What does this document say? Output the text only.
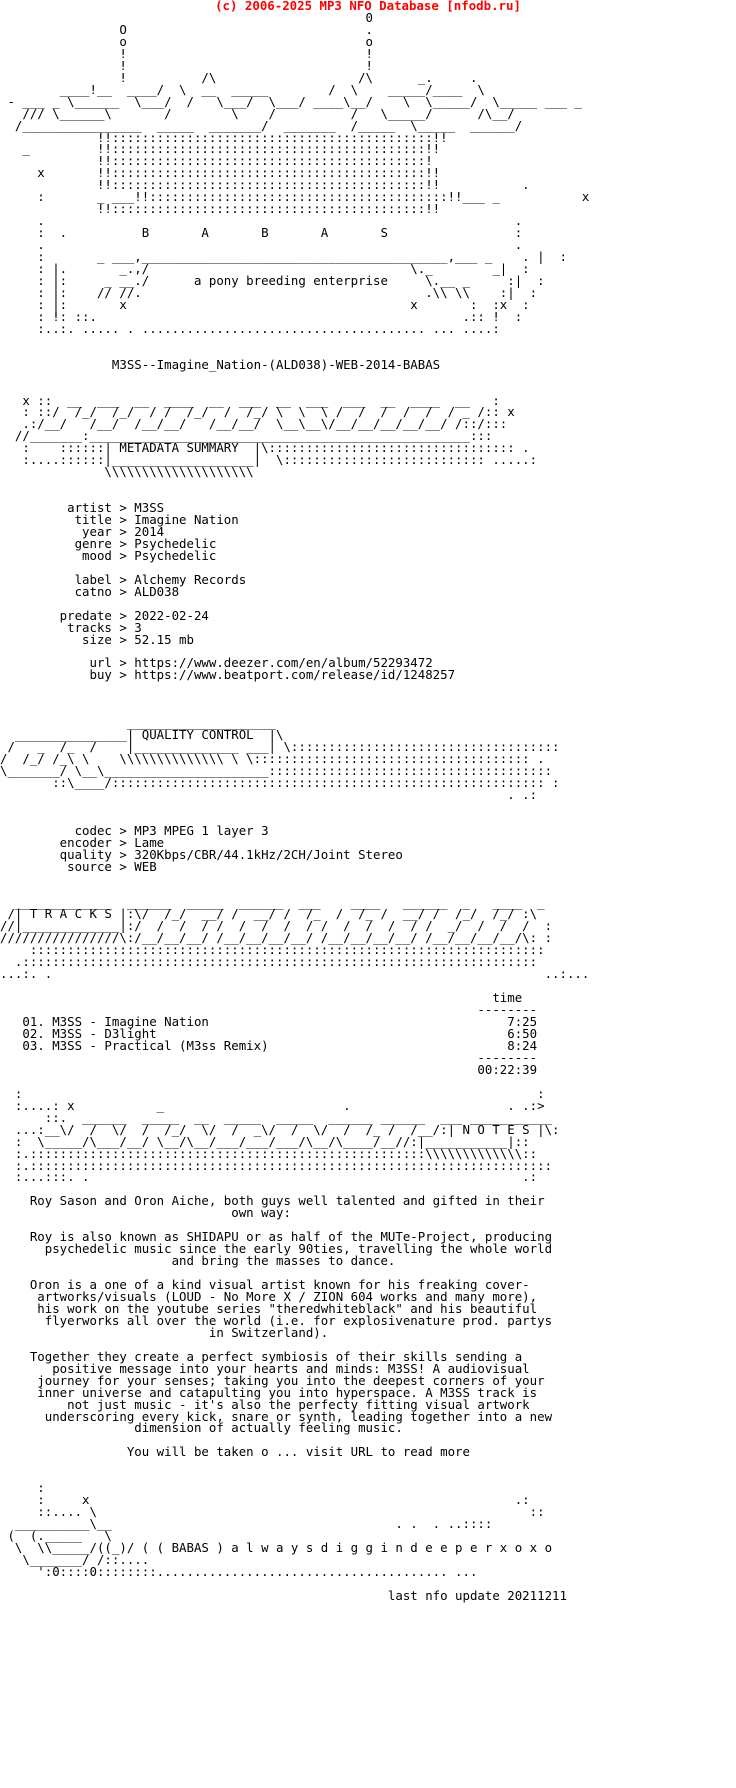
(c) 2006-2025 MP3 NFO Database [nfodb.ru]
0
O                                .
o                                o
!                                !
!                                !
!          /\                   /\      _.     .
____!__  ____/  \  __  _____        /  \    _____/____  \
- ___ _ \______  \___/  /   \___/  \___/ ____\__/    \  \_____/  \_____ ___ _
/// \______\       /        \    /          /   \_____/      /\__/
/________________  _____  _______/  _______  /_____  \_____  ______/
!!:::::::::::::::::::::::::::::::::::::::::::!!
_         !!::::::::::::::::::::::::::::::::::::::::::!!
!!::::::::::::::::::::::::::::::::::::::::::!
x       !!::::::::::::::::::::::::::::::::::::::::::!!
!!::::::::::::::::::::::::::::::::::::::::::!!           .
:       _ ___!!::::::::::::::::::::::::::::::::::::::::!!___ _           x
!!::::::::::::::::::::::::::::::::::::::::::!!
.                                                               .
:  .          B       A       B       A       S                 :
.                                                               .
:       _ ___,_________________________________________,___ _    . |  :
: |.       _.,/                                   \._        _|  :
: |:     _ __./      a pony breeding enterprise     \.__ _     :|  :
: |:    // //.                                      .\\ \\    :|  :
: |:       x                                      x       :  :x  :
: !: ::.                                                 .:: !  :
:..:. ..... . ...................................... ... ....:

M3SS--Imagine_Nation-(ALD038)-WEB-2014-BABAS

x ::  __  ___  __  ____  __  ___  __  ___  ___  __  ____  __   :
: ::/  /_/  /_/  / /  /_/  /  /_/ \  \  \ /  /  /  /  /  / _ /:: x
.:/__/   /__/  /__/__/   /__/__/  \__\__\/__/__/__/__/__/ /::/:::
//_______:___________________________________________________:::
:    ::::::| METADATA SUMMARY  |\::::::::::::::::::::::::::::::::: .
:....::::::|___________________|  \::::::::::::::::::::::::::: .....:
\\\\\\\\\\\\\\\\\\\\

artist > M3SS
title > Imagine Nation
year > 2014
genre > Psychedelic
mood > Psychedelic

label > Alchemy Records
catno > ALD038

predate > 2022-02-24
tracks > 3
size > 52.15 mb

url > https://www.deezer.com/en/album/52293472
buy > https://www.beatport.com/release/id/1248257

____________________
_______________| QUALITY CONTROL  |\
/   _  /_  /    |______________ ___| \::::::::::::::::::::::::::::::::::::
/  /_/ /_\ \    \\\\\\\\\\\\\\ \ \::::::::::::::::::::::::::::::::::::: .
\_______/ \__\______________________::::::::::::::::::::::::::::::::::::::
::\____/:::::::::::::::::::::::::::::::::::::::::::::::::::::::::: :
. .:

codec > MP3 MPEG 1 layer 3
encoder > Lame
quality > 320Kbps/CBR/44.1kHz/2CH/Joint Stereo
source > WEB

_____________  ______  _____  ______  ___    ____   ______  _   ____  _
/| T R A C K S |:\/  /_/  __/ /  __/ /  /_  /  /_ /  __/ /  /_/  /_/ :\
//|_____________|:/  /  /  / /  /  /  /  / /  /  /  /  / /  _/  /  /  /  :
////////////////\:/__/__/__/ /__/__/__/__/ /__/__/__/__/ /__/__/__/__/\: :
:::::::::::::::::::::::::::::::::::::::::::::::::::::::::::::::::::::
.:::::::::::::::::::::::::::::::::::::::::::::::::::::::::::::::::::::
...:. .                                                                  ..:...

time
--------
01. M3SS - Imagine Nation                                        7:25
02. M3SS - D3light                                               6:50
03. M3SS - Practical (M3ss Remix)                                8:24
--------
00:22:39

:                                                                     :
:....: x           _                        .                     . .:>
::.  ______  _____  __  _____  _____  ______ ______  ___ ___________
...:__\/  /  \/  /  /_/  \/  /  _\/  /  \/  /  /_ /  /__/:| N O T E S |\:
:  \_____/\___/__/ \__/\__/___/___/___/\__/\____/__//:|___________|::
:.:::::::::::::::::::::::::::::::::::::::::::::::::::::\\\\\\\\\\\\\::
:.::::::::::::::::::::::::::::::::::::::::::::::::::::::::::::::::::::::
:...:::. .                                                          .:

Roy Sason and Oron Aiche, both guys well talented and gifted in their
own way:

Roy is also known as SHIDAPU or as half of the MUTe-Project, producing
psychedelic music since the early 90ties, travelling the whole world
and bring the masses to dance.

Oron is a one of a kind visual artist known for his freaking cover-
artworks/visuals (LOUD - No More X / ZION 604 works and many more),
his work on the youtube series "theredwhiteblack" and his beautiful
flyerworks all over the world (i.e. for explosivenature prod. partys
in Switzerland).

Together they create a perfect symbiosis of their skills sending a
positive message into your hearts and minds: M3SS! A audiovisual
journey for your senses; taking you into the deepest corners of your
inner universe and catapulting you into hyperspace. A M3SS track is
not just music - it's also the perfecty fitting visual artwork
underscoring every kick, snare or synth, leading together into a new
dimension of actually feeling music.

You will be taken o ... visit URL to read more

:
:     x                                                         .:
::.... \                                                          ::
__________\__                                      . .  . ..::::
(  (._____   \
\  \\_____/((_)/ ( ( BABAS ) a l w a y s d i g g i n d e e p e r x o x o
\_______/ /::....
':0::::0::::::::....................................... ...

last nfo update 20211211
